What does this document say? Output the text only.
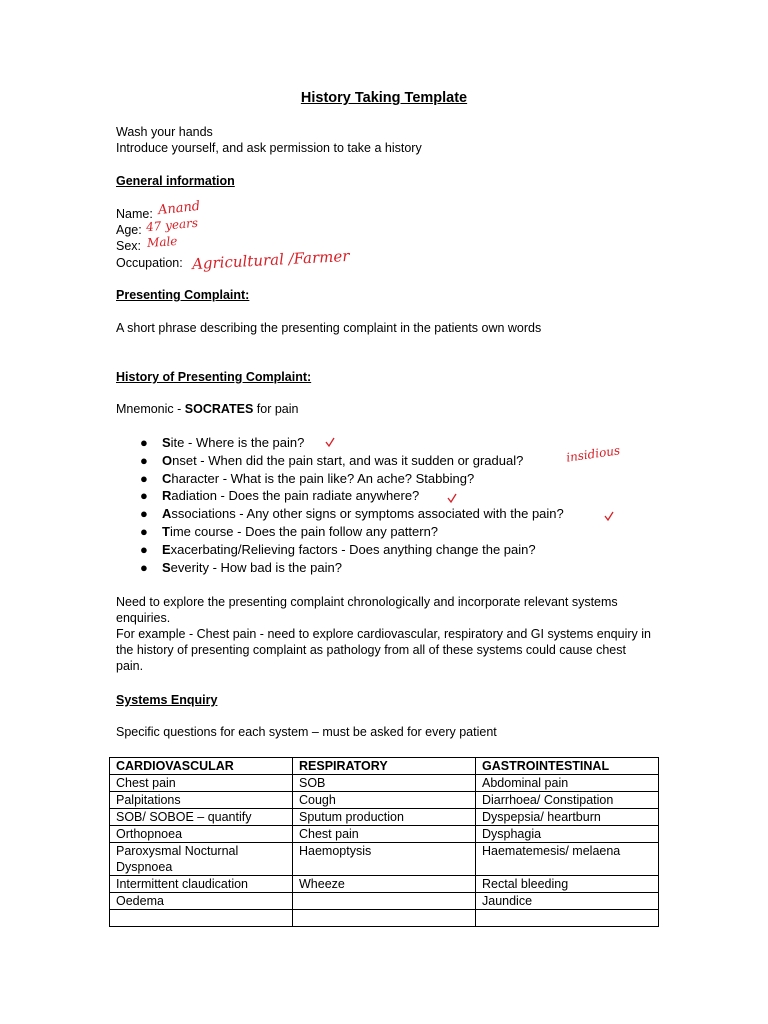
History Taking Template
Wash your hands
Introduce yourself, and ask permission to take a history
General information
Name: Anand
Age: 47 years
Sex: Male
Occupation: Agricultural /Farmer
Presenting Complaint:
A short phrase describing the presenting complaint in the patients own words
History of Presenting Complaint:
Mnemonic - SOCRATES for pain
● Site - Where is the pain?
● Onset - When did the pain start, and was it sudden or gradual?
● Character - What is the pain like? An ache? Stabbing?
● Radiation - Does the pain radiate anywhere?
● Associations - Any other signs or symptoms associated with the pain?
● Time course - Does the pain follow any pattern?
● Exacerbating/Relieving factors - Does anything change the pain?
● Severity - How bad is the pain?
insidious
Need to explore the presenting complaint chronologically and incorporate relevant systems enquiries.
For example - Chest pain - need to explore cardiovascular, respiratory and GI systems enquiry in the history of presenting complaint as pathology from all of these systems could cause chest pain.
Systems Enquiry
Specific questions for each system – must be asked for every patient
CARDIOVASCULAR	RESPIRATORY	GASTROINTESTINAL
Chest pain	SOB	Abdominal pain
Palpitations	Cough	Diarrhoea/ Constipation
SOB/ SOBOE – quantify	Sputum production	Dyspepsia/ heartburn
Orthopnoea	Chest pain	Dysphagia
Paroxysmal Nocturnal Dyspnoea	Haemoptysis	Haematemesis/ melaena
Intermittent claudication	Wheeze	Rectal bleeding
Oedema		Jaundice
